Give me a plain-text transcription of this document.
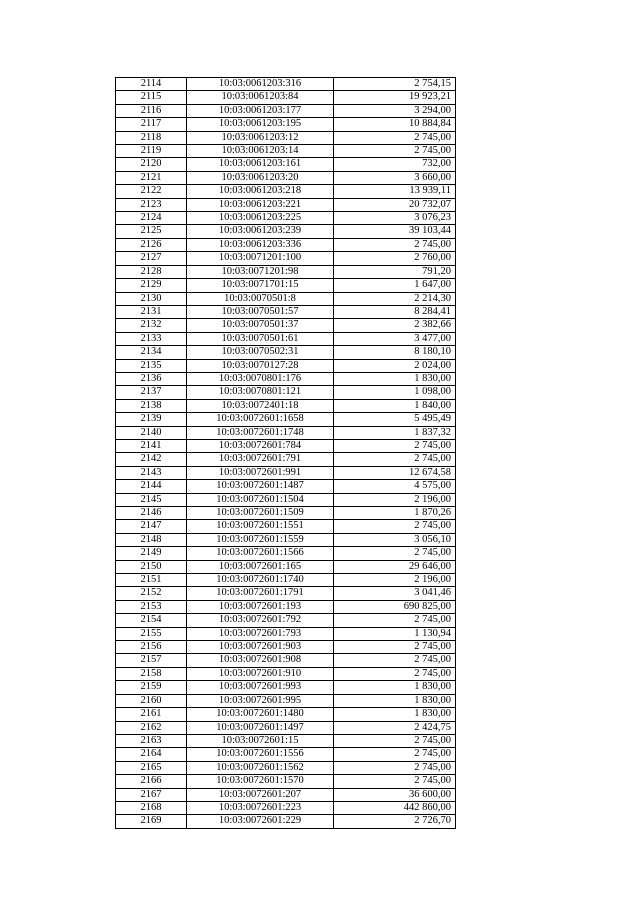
2114	10:03:0061203:316	2 754,15
2115	10:03:0061203:84	19 923,21
2116	10:03:0061203:177	3 294,00
2117	10:03:0061203:195	10 884,84
2118	10:03:0061203:12	2 745,00
2119	10:03:0061203:14	2 745,00
2120	10:03:0061203:161	732,00
2121	10:03:0061203:20	3 660,00
2122	10:03:0061203:218	13 939,11
2123	10:03:0061203:221	20 732,07
2124	10:03:0061203:225	3 076,23
2125	10:03:0061203:239	39 103,44
2126	10:03:0061203:336	2 745,00
2127	10:03:0071201:100	2 760,00
2128	10:03:0071201:98	791,20
2129	10:03:0071701:15	1 647,00
2130	10:03:0070501:8	2 214,30
2131	10:03:0070501:57	8 284,41
2132	10:03:0070501:37	2 382,66
2133	10:03:0070501:61	3 477,00
2134	10:03:0070502:31	8 180,10
2135	10:03:0070127:28	2 024,00
2136	10:03:0070801:176	1 830,00
2137	10:03:0070801:121	1 098,00
2138	10:03:0072401:18	1 840,00
2139	10:03:0072601:1658	5 495,49
2140	10:03:0072601:1748	1 837,32
2141	10:03:0072601:784	2 745,00
2142	10:03:0072601:791	2 745,00
2143	10:03:0072601:991	12 674,58
2144	10:03:0072601:1487	4 575,00
2145	10:03:0072601:1504	2 196,00
2146	10:03:0072601:1509	1 870,26
2147	10:03:0072601:1551	2 745,00
2148	10:03:0072601:1559	3 056,10
2149	10:03:0072601:1566	2 745,00
2150	10:03:0072601:165	29 646,00
2151	10:03:0072601:1740	2 196,00
2152	10:03:0072601:1791	3 041,46
2153	10:03:0072601:193	690 825,00
2154	10:03:0072601:792	2 745,00
2155	10:03:0072601:793	1 130,94
2156	10:03:0072601:903	2 745,00
2157	10:03:0072601:908	2 745,00
2158	10:03:0072601:910	2 745,00
2159	10:03:0072601:993	1 830,00
2160	10:03:0072601:995	1 830,00
2161	10:03:0072601:1480	1 830,00
2162	10:03:0072601:1497	2 424,75
2163	10:03:0072601:15	2 745,00
2164	10:03:0072601:1556	2 745,00
2165	10:03:0072601:1562	2 745,00
2166	10:03:0072601:1570	2 745,00
2167	10:03:0072601:207	36 600,00
2168	10:03:0072601:223	442 860,00
2169	10:03:0072601:229	2 726,70
